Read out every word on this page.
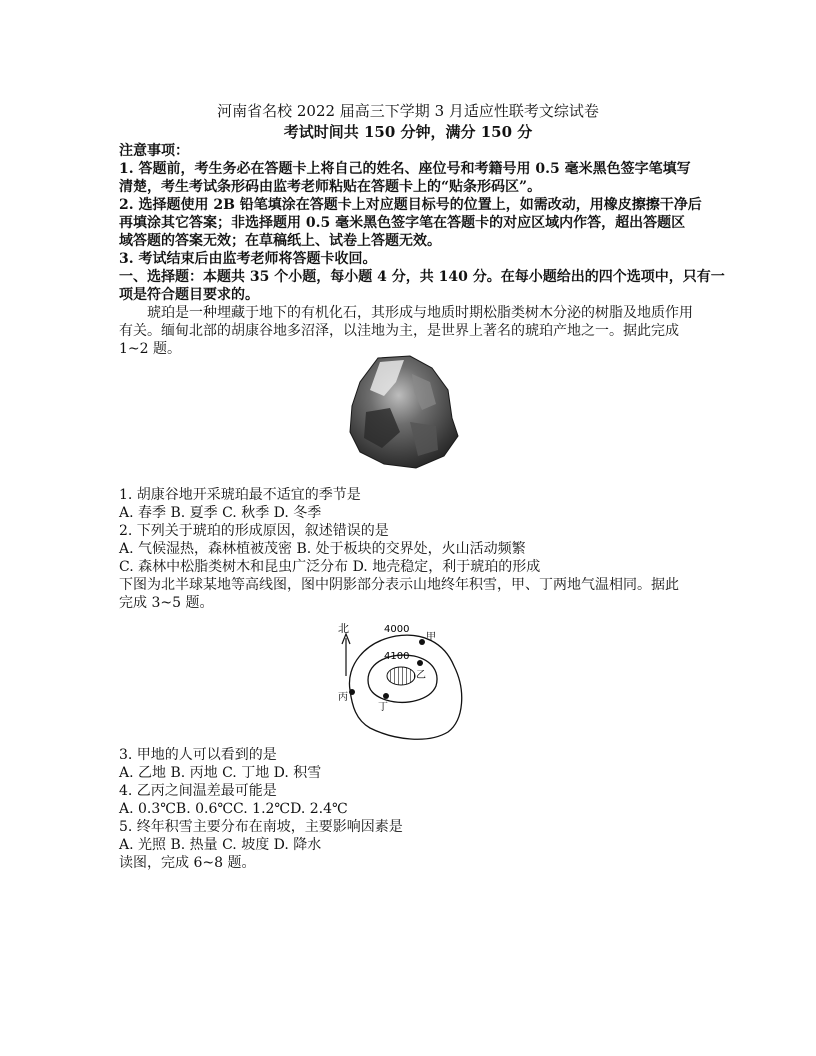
河南省名校 2022 届高三下学期 3 月适应性联考文综试卷
考试时间共 150 分钟，满分 150 分
注意事项：
1. 答题前，考生务必在答题卡上将自己的姓名、座位号和考籍号用 0.5 毫米黑色签字笔填写
清楚，考生考试条形码由监考老师粘贴在答题卡上的“贴条形码区”。
2. 选择题使用 2B 铅笔填涂在答题卡上对应题目标号的位置上，如需改动，用橡皮擦擦干净后
再填涂其它答案；非选择题用 0.5 毫米黑色签字笔在答题卡的对应区域内作答，超出答题区
域答题的答案无效；在草稿纸上、试卷上答题无效。
3. 考试结束后由监考老师将答题卡收回。
一、选择题：本题共 35 个小题，每小题 4 分，共 140 分。在每小题给出的四个选项中，只有一
项是符合题目要求的。
琥珀是一种埋藏于地下的有机化石，其形成与地质时期松脂类树木分泌的树脂及地质作用
有关。缅甸北部的胡康谷地多沼泽，以洼地为主，是世界上著名的琥珀产地之一。据此完成
1~2 题。
1. 胡康谷地开采琥珀最不适宜的季节是
A. 春季 B. 夏季 C. 秋季 D. 冬季
2. 下列关于琥珀的形成原因，叙述错误的是
A. 气候湿热，森林植被茂密 B. 处于板块的交界处，火山活动频繁
C. 森林中松脂类树木和昆虫广泛分布 D. 地壳稳定，利于琥珀的形成
下图为北半球某地等高线图，图中阴影部分表示山地终年积雪，甲、丁两地气温相同。据此
完成 3~5 题。
北	4000
4100
甲
乙
丙
丁
3. 甲地的人可以看到的是
A. 乙地 B. 丙地 C. 丁地 D. 积雪
4. 乙丙之间温差最可能是
A. 0.3℃B. 0.6℃C. 1.2℃D. 2.4℃
5. 终年积雪主要分布在南坡，主要影响因素是
A. 光照 B. 热量 C. 坡度 D. 降水
读图，完成 6~8 题。
